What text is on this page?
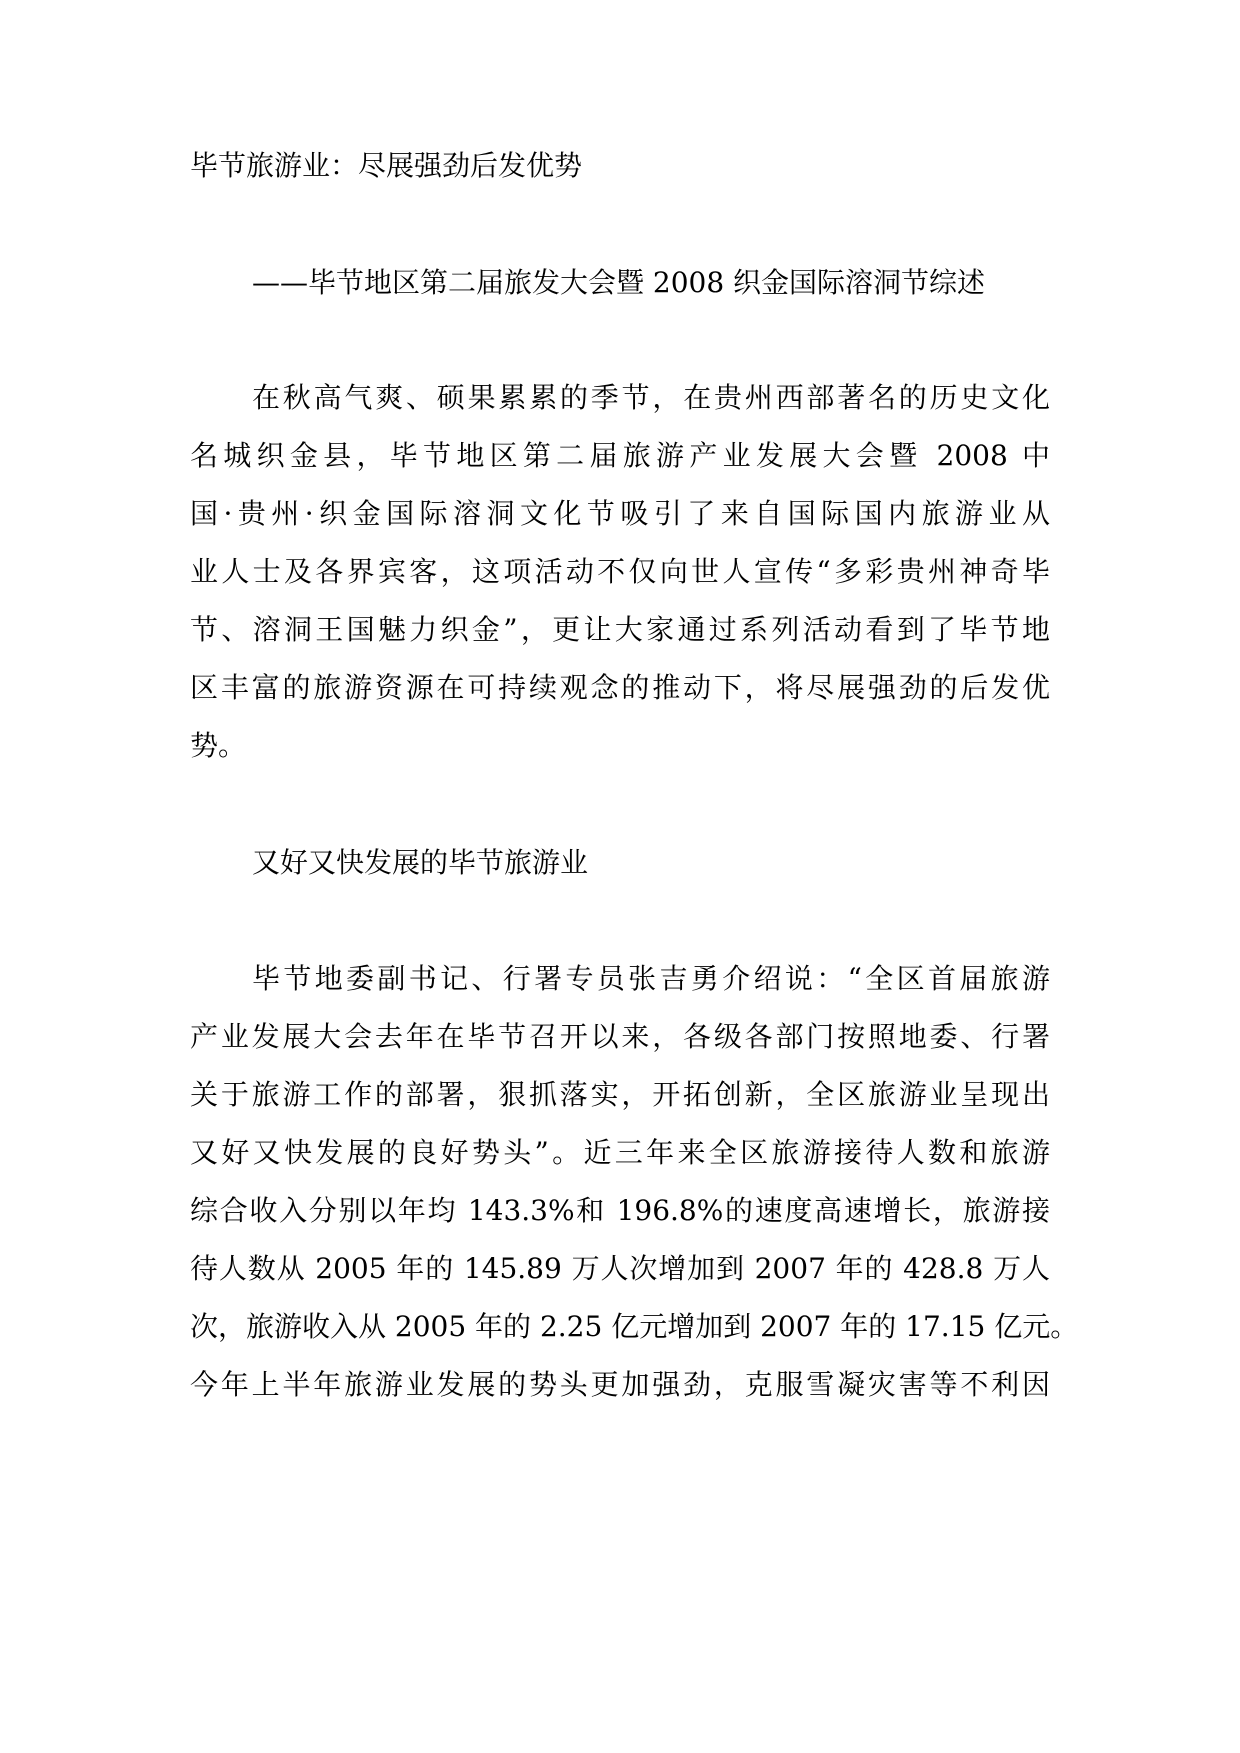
毕节旅游业：尽展强劲后发优势
——毕节地区第二届旅发大会暨 2008 织金国际溶洞节综述
在秋高气爽、硕果累累的季节，在贵州西部著名的历史文化
名城织金县，毕节地区第二届旅游产业发展大会暨 2008 中
国·贵州·织金国际溶洞文化节吸引了来自国际国内旅游业从
业人士及各界宾客，这项活动不仅向世人宣传“多彩贵州神奇毕
节、溶洞王国魅力织金”，更让大家通过系列活动看到了毕节地
区丰富的旅游资源在可持续观念的推动下，将尽展强劲的后发优
势。
又好又快发展的毕节旅游业
毕节地委副书记、行署专员张吉勇介绍说：“全区首届旅游
产业发展大会去年在毕节召开以来，各级各部门按照地委、行署
关于旅游工作的部署，狠抓落实，开拓创新，全区旅游业呈现出
又好又快发展的良好势头”。近三年来全区旅游接待人数和旅游
综合收入分别以年均 143.3%和 196.8%的速度高速增长，旅游接
待人数从 2005 年的 145.89 万人次增加到 2007 年的 428.8 万人
次，旅游收入从 2005 年的 2.25 亿元增加到 2007 年的 17.15 亿元。
今年上半年旅游业发展的势头更加强劲，克服雪凝灾害等不利因
